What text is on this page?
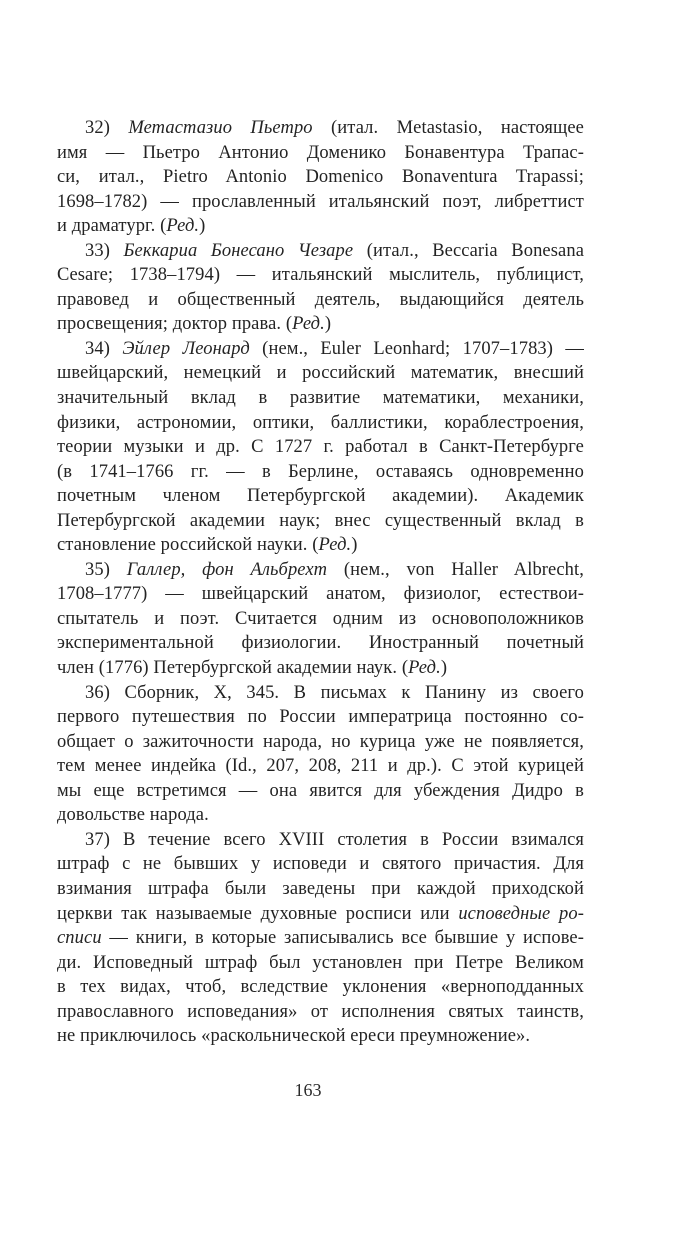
32) Метастазио Пьетро (итал. Metastasio, настоящее
имя — Пьетро Антонио Доменико Бонавентура Трапас-
си, итал., Pietro Antonio Domenico Bonaventura Trapassi;
1698–1782) — прославленный итальянский поэт, либреттист
и драматург. (Ред.)
33) Беккариа Бонесано Чезаре (итал., Beccaria Bonesana
Cesare; 1738–1794) — итальянский мыслитель, публицист,
правовед и общественный деятель, выдающийся деятель
просвещения; доктор права. (Ред.)
34) Эйлер Леонард (нем., Euler Leonhard; 1707–1783) —
швейцарский, немецкий и российский математик, внесший
значительный вклад в развитие математики, механики,
физики, астрономии, оптики, баллистики, кораблестроения,
теории музыки и др. С 1727 г. работал в Санкт-Петербурге
(в 1741–1766 гг. — в Берлине, оставаясь одновременно
почетным членом Петербургской академии). Академик
Петербургской академии наук; внес существенный вклад в
становление российской науки. (Ред.)
35) Галлер, фон Альбрехт (нем., von Haller Albrecht,
1708–1777) — швейцарский анатом, физиолог, естествои-
спытатель и поэт. Считается одним из основоположников
экспериментальной физиологии. Иностранный почетный
член (1776) Петербургской академии наук. (Ред.)
36) Сборник, X, 345. В письмах к Панину из своего
первого путешествия по России императрица постоянно со-
общает о зажиточности народа, но курица уже не появляется,
тем менее индейка (Id., 207, 208, 211 и др.). С этой курицей
мы еще встретимся — она явится для убеждения Дидро в
довольстве народа.
37) В течение всего XVIII столетия в России взимался
штраф с не бывших у исповеди и святого причастия. Для
взимания штрафа были заведены при каждой приходской
церкви так называемые духовные росписи или исповедные ро-
списи — книги, в которые записывались все бывшие у испове-
ди. Исповедный штраф был установлен при Петре Великом
в тех видах, чтоб, вследствие уклонения «верноподданных
православного исповедания» от исполнения святых таинств,
не приключилось «раскольнической ереси преумножение».
163
